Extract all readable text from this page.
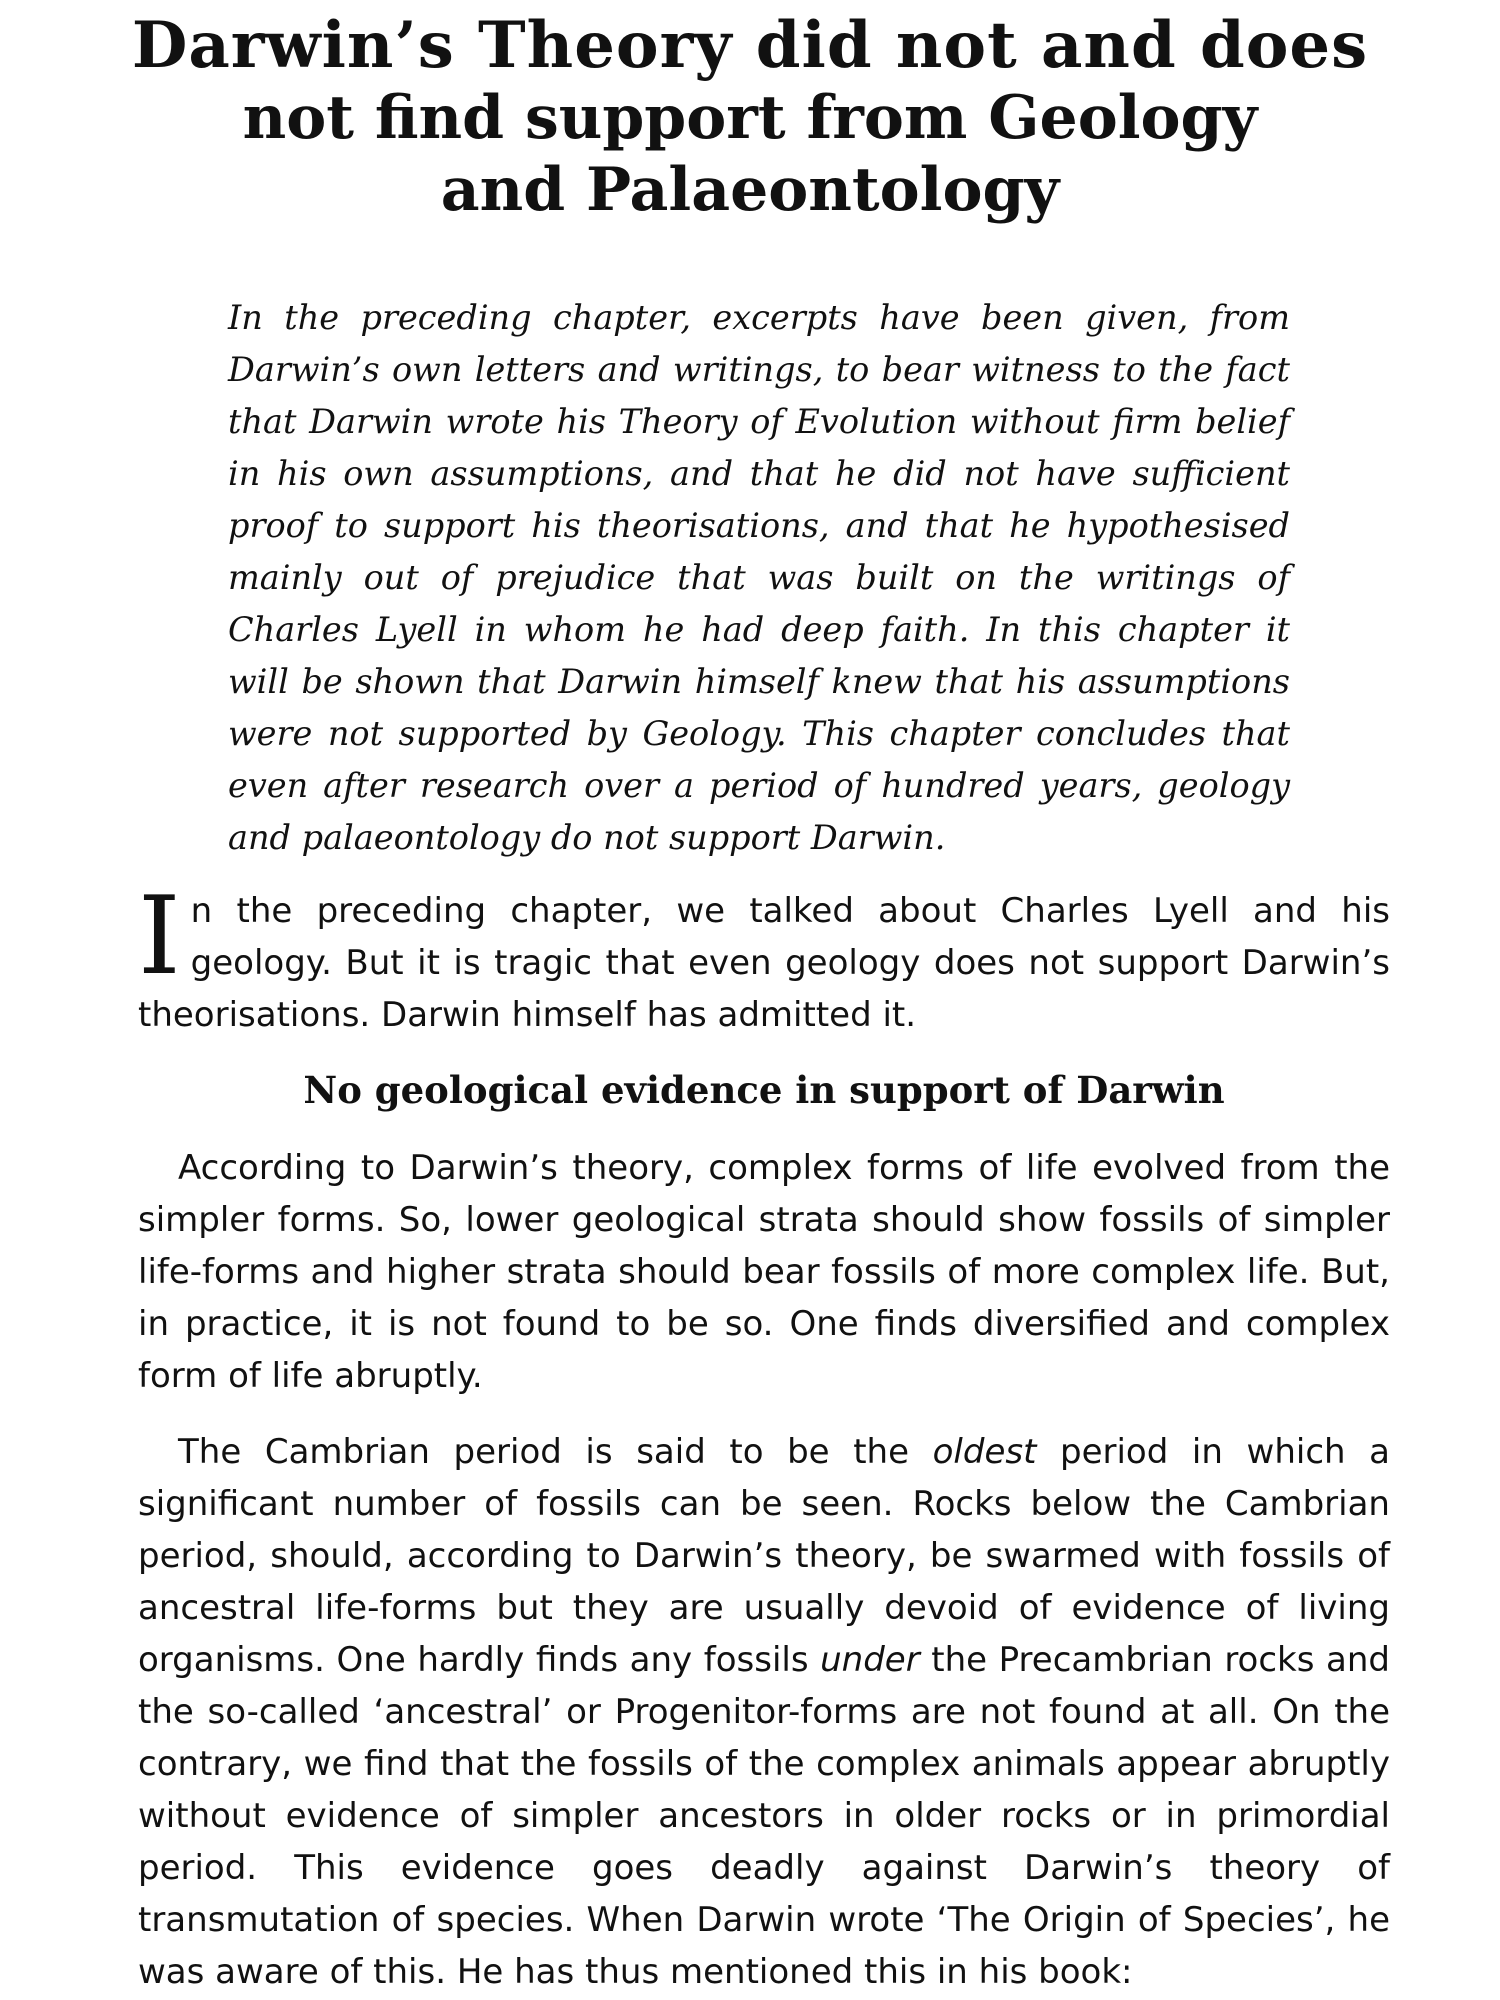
Darwin’s Theory did not and does
not find support from Geology
and Palaeontology

In the preceding chapter, excerpts have been given, from Darwin’s own letters and writings, to bear witness to the fact that Darwin wrote his Theory of Evolution without firm belief in his own assumptions, and that he did not have sufficient proof to support his theorisations, and that he hypothesised mainly out of prejudice that was built on the writings of Charles Lyell in whom he had deep faith. In this chapter it will be shown that Darwin himself knew that his assumptions were not supported by Geology. This chapter concludes that even after research over a period of hundred years, geology and palaeontology do not support Darwin.

In the preceding chapter, we talked about Charles Lyell and his geology. But it is tragic that even geology does not support Darwin’s theorisations. Darwin himself has admitted it.

No geological evidence in support of Darwin

According to Darwin’s theory, complex forms of life evolved from the simpler forms. So, lower geological strata should show fossils of simpler life-forms and higher strata should bear fossils of more complex life. But, in practice, it is not found to be so. One finds diversified and complex form of life abruptly.

The Cambrian period is said to be the oldest period in which a significant number of fossils can be seen. Rocks below the Cambrian period, should, according to Darwin’s theory, be swarmed with fossils of ancestral life-forms but they are usually devoid of evidence of living organisms. One hardly finds any fossils under the Precambrian rocks and the so-called ‘ancestral’ or Progenitor-forms are not found at all. On the contrary, we find that the fossils of the complex animals appear abruptly without evidence of simpler ancestors in older rocks or in primordial period. This evidence goes deadly against Darwin’s theory of transmutation of species. When Darwin wrote ‘The Origin of Species’, he was aware of this. He has thus mentioned this in his book:
